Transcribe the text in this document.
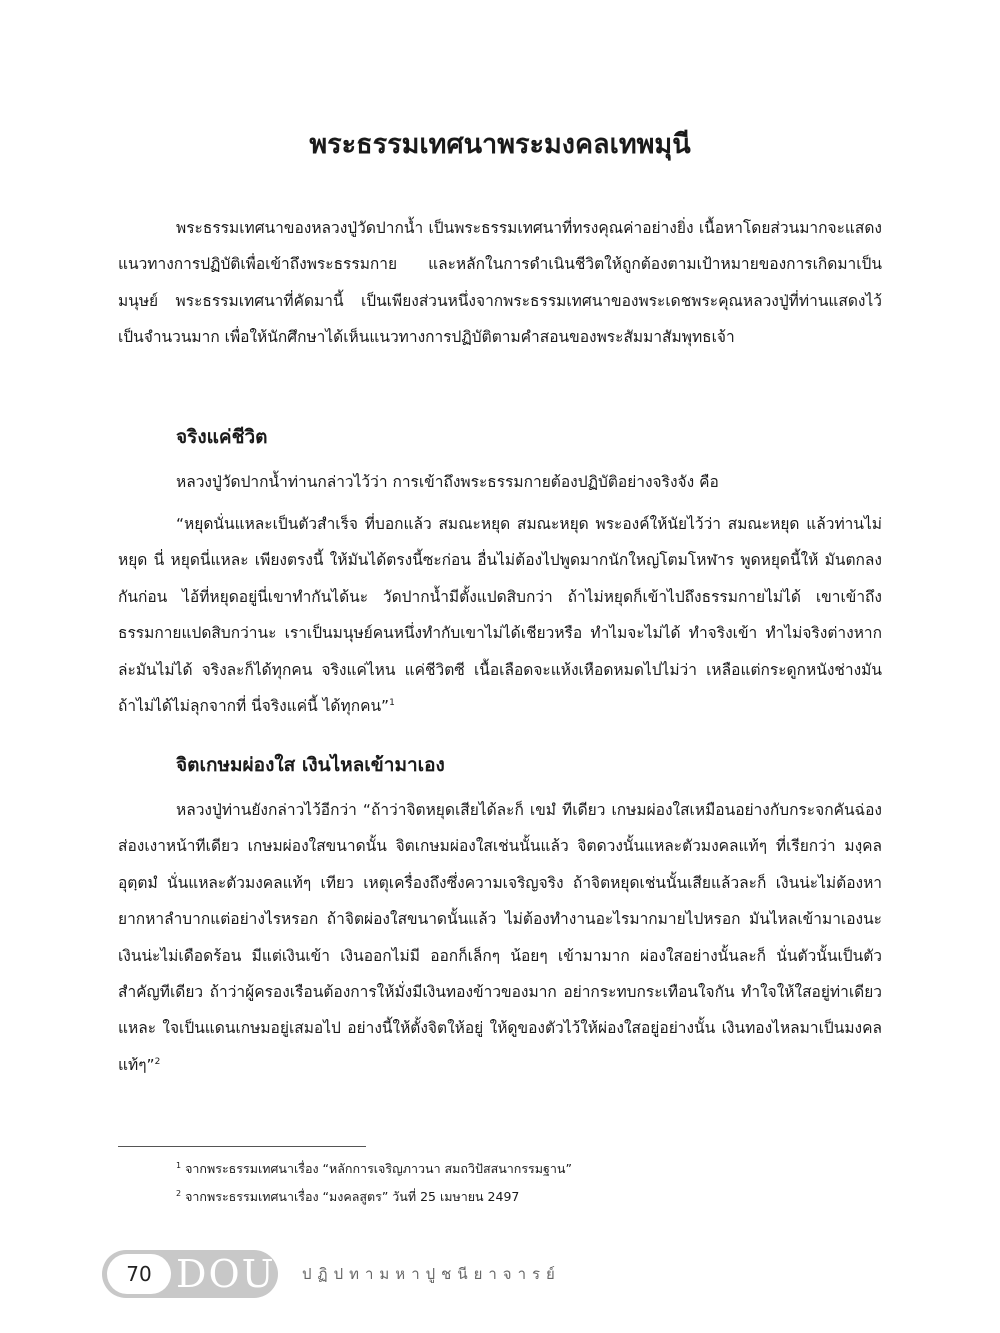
พระธรรมเทศนาพระมงคลเทพมุนี

พระธรรมเทศนาของหลวงปู่วัดปากน้ำ เป็นพระธรรมเทศนาที่ทรงคุณค่าอย่างยิ่ง เนื้อหาโดยส่วนมากจะแสดงแนวทางการปฏิบัติเพื่อเข้าถึงพระธรรมกาย และหลักในการดำเนินชีวิตให้ถูกต้องตามเป้าหมายของการเกิดมาเป็นมนุษย์ พระธรรมเทศนาที่คัดมานี้ เป็นเพียงส่วนหนึ่งจากพระธรรมเทศนาของพระเดชพระคุณหลวงปู่ที่ท่านแสดงไว้เป็นจำนวนมาก เพื่อให้นักศึกษาได้เห็นแนวทางการปฏิบัติตามคำสอนของพระสัมมาสัมพุทธเจ้า

จริงแค่ชีวิต

หลวงปู่วัดปากน้ำท่านกล่าวไว้ว่า การเข้าถึงพระธรรมกายต้องปฏิบัติอย่างจริงจัง คือ

“หยุดนั่นแหละเป็นตัวสำเร็จ ที่บอกแล้ว สมณะหยุด สมณะหยุด พระองค์ให้นัยไว้ว่า สมณะหยุด แล้วท่านไม่หยุด นี่ หยุดนี่แหละ เพียงตรงนี้ ให้มันได้ตรงนี้ซะก่อน อื่นไม่ต้องไปพูดมากนักใหญ่โตมโหฬาร พูดหยุดนี้ให้ มันตกลงกันก่อน ไอ้ที่หยุดอยู่นี่เขาทำกันได้นะ วัดปากน้ำมีตั้งแปดสิบกว่า ถ้าไม่หยุดก็เข้าไปถึงธรรมกายไม่ได้ เขาเข้าถึงธรรมกายแปดสิบกว่านะ เราเป็นมนุษย์คนหนึ่งทำกับเขาไม่ได้เชียวหรือ ทำไมจะไม่ได้ ทำจริงเข้า ทำไม่จริงต่างหากล่ะมันไม่ได้ จริงละก็ได้ทุกคน จริงแค่ไหน แค่ชีวิตซี เนื้อเลือดจะแห้งเหือดหมดไปไม่ว่า เหลือแต่กระดูกหนังช่างมัน ถ้าไม่ได้ไม่ลุกจากที่ นี่จริงแค่นี้ ได้ทุกคน”$^1$

จิตเกษมผ่องใส เงินไหลเข้ามาเอง

หลวงปู่ท่านยังกล่าวไว้อีกว่า “ถ้าว่าจิตหยุดเสียได้ละก็ เขมํ ทีเดียว เกษมผ่องใสเหมือนอย่างกับกระจกคันฉ่องส่องเงาหน้าทีเดียว เกษมผ่องใสขนาดนั้น จิตเกษมผ่องใสเช่นนั้นแล้ว จิตดวงนั้นแหละตัวมงคลแท้ๆ ที่เรียกว่า มงฺคล อุตฺตมํ นั่นแหละตัวมงคลแท้ๆ เทียว เหตุเครื่องถึงซึ่งความเจริญจริง ถ้าจิตหยุดเช่นนั้นเสียแล้วละก็ เงินน่ะไม่ต้องหายากหาลำบากแต่อย่างไรหรอก ถ้าจิตผ่องใสขนาดนั้นแล้ว ไม่ต้องทำงานอะไรมากมายไปหรอก มันไหลเข้ามาเองนะ เงินน่ะไม่เดือดร้อน มีแต่เงินเข้า เงินออกไม่มี ออกก็เล็กๆ น้อยๆ เข้ามามาก ผ่องใสอย่างนั้นละก็ นั่นตัวนั้นเป็นตัวสำคัญทีเดียว ถ้าว่าผู้ครองเรือนต้องการให้มั่งมีเงินทองข้าวของมาก อย่ากระทบกระเทือนใจกัน ทำใจให้ใสอยู่ท่าเดียวแหละ ใจเป็นแดนเกษมอยู่เสมอไป อย่างนี้ให้ตั้งจิตให้อยู่ ให้ดูของตัวไว้ให้ผ่องใสอยู่อย่างนั้น เงินทองไหลมาเป็นมงคลแท้ๆ”$^2$

$^1$ จากพระธรรมเทศนาเรื่อง “หลักการเจริญภาวนา สมถวิปัสสนากรรมฐาน”

$^2$ จากพระธรรมเทศนาเรื่อง “มงคลสูตร” วันที่ 25 เมษายน 2497

70 DOU ปฏิปทามหาปูชนียาจารย์
